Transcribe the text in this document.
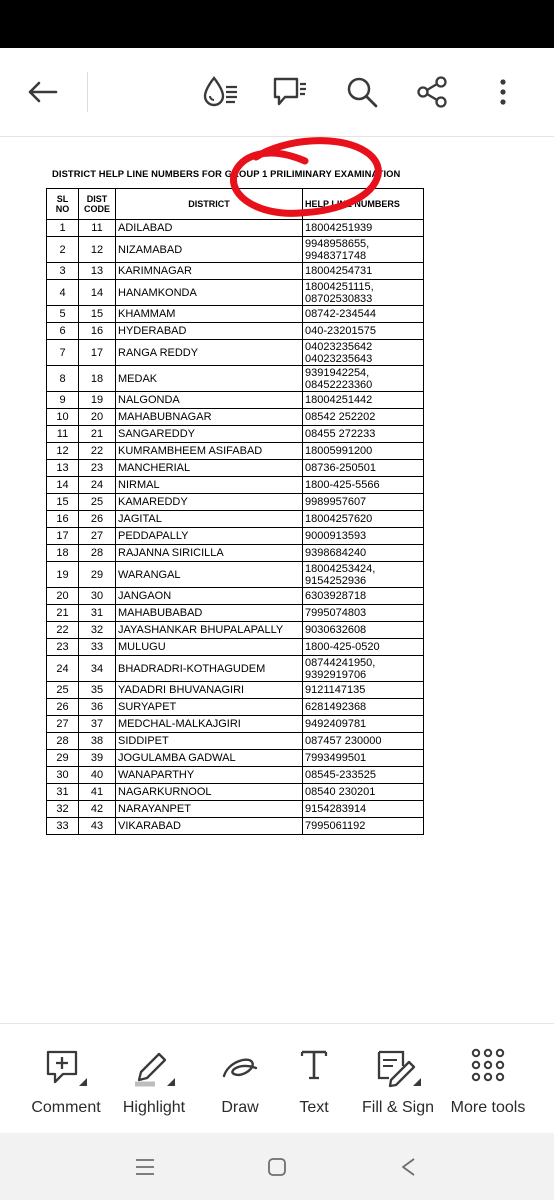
DISTRICT HELP LINE NUMBERS FOR GROUP 1 PRILIMINARY EXAMINATION
SL NO	DIST CODE	DISTRICT	HELP LINE NUMBERS
1	11	ADILABAD	18004251939
2	12	NIZAMABAD	9948958655,
9948371748
3	13	KARIMNAGAR	18004254731
4	14	HANAMKONDA	18004251115,
08702530833
5	15	KHAMMAM	08742-234544
6	16	HYDERABAD	040-23201575
7	17	RANGA REDDY	04023235642
04023235643
8	18	MEDAK	9391942254,
08452223360
9	19	NALGONDA	18004251442
10	20	MAHABUBNAGAR	08542 252202
11	21	SANGAREDDY	08455 272233
12	22	KUMRAMBHEEM ASIFABAD	18005991200
13	23	MANCHERIAL	08736-250501
14	24	NIRMAL	1800-425-5566
15	25	KAMAREDDY	9989957607
16	26	JAGITAL	18004257620
17	27	PEDDAPALLY	9000913593
18	28	RAJANNA SIRICILLA	9398684240
19	29	WARANGAL	18004253424,
9154252936
20	30	JANGAON	6303928718
21	31	MAHABUBABAD	7995074803
22	32	JAYASHANKAR BHUPALAPALLY	9030632608
23	33	MULUGU	1800-425-0520
24	34	BHADRADRI-KOTHAGUDEM	08744241950,
9392919706
25	35	YADADRI BHUVANAGIRI	9121147135
26	36	SURYAPET	6281492368
27	37	MEDCHAL-MALKAJGIRI	9492409781
28	38	SIDDIPET	087457 230000
29	39	JOGULAMBA GADWAL	7993499501
30	40	WANAPARTHY	08545-233525
31	41	NAGARKURNOOL	08540 230201
32	42	NARAYANPET	9154283914
33	43	VIKARABAD	7995061192
Comment	Highlight	Draw	Text	Fill & Sign More tools
